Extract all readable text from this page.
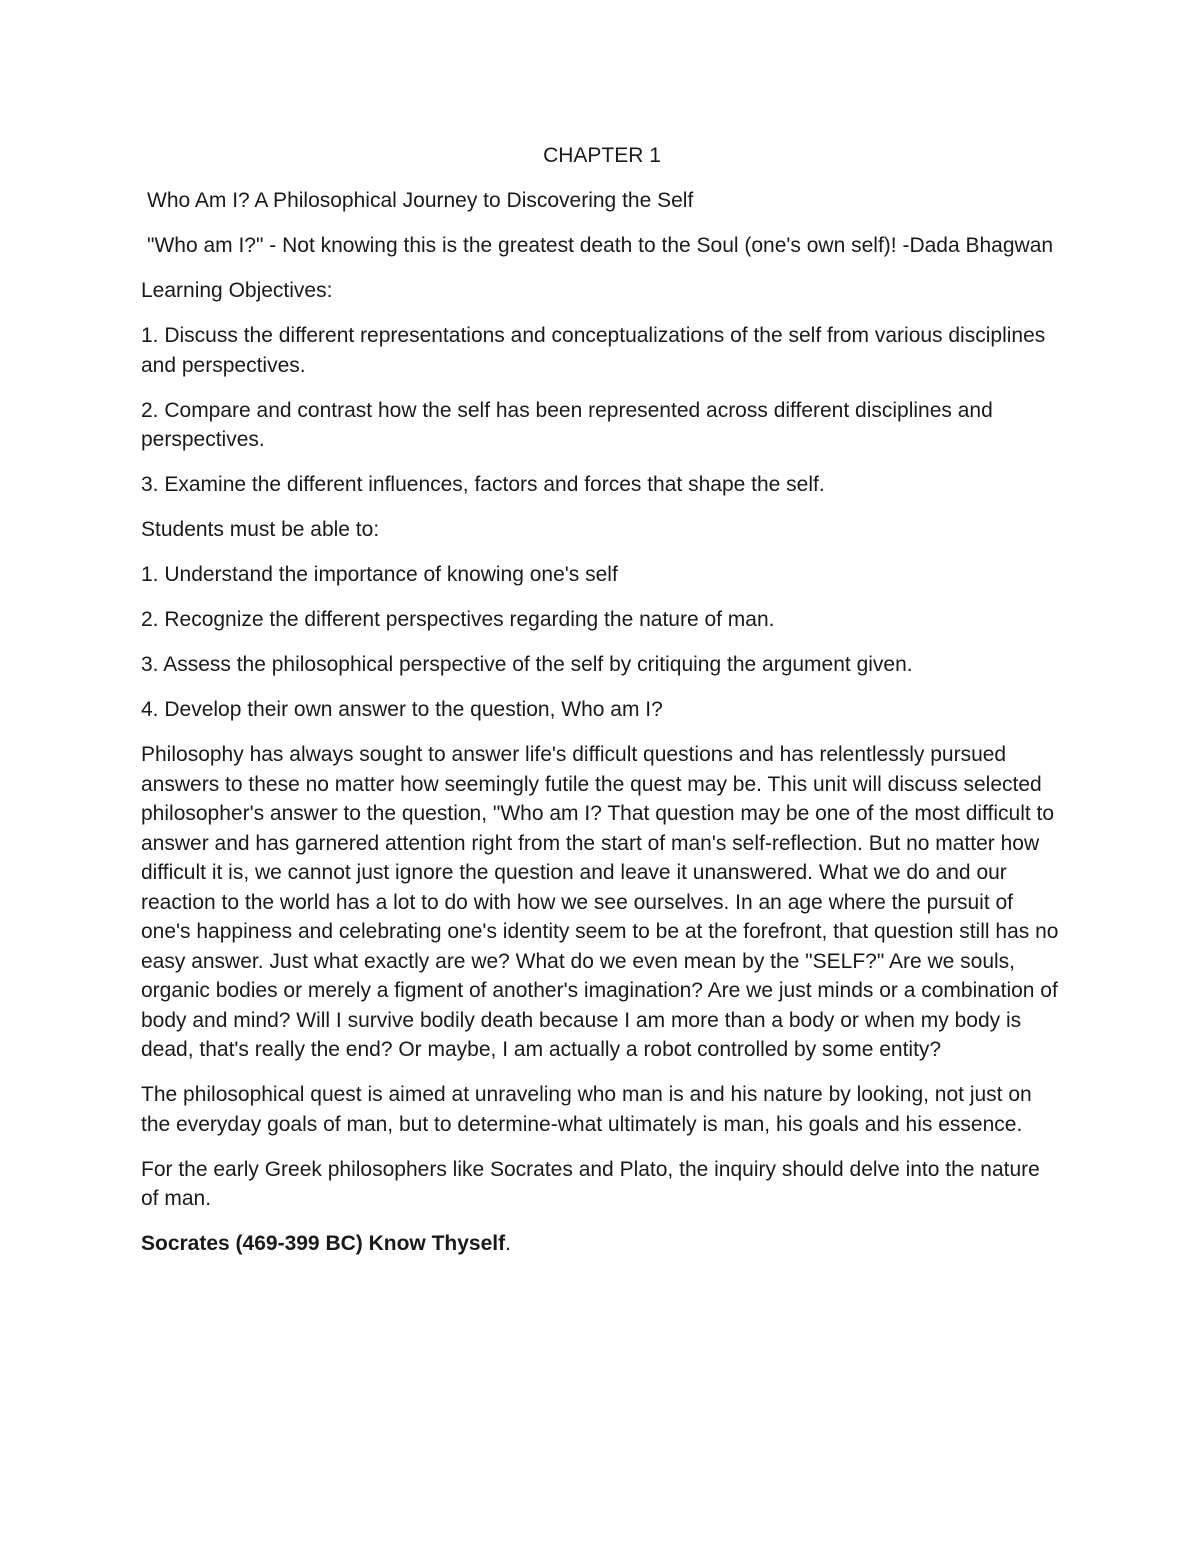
CHAPTER 1

Who Am I? A Philosophical Journey to Discovering the Self

"Who am I?" - Not knowing this is the greatest death to the Soul (one's own self)! -Dada Bhagwan

Learning Objectives:

1. Discuss the different representations and conceptualizations of the self from various disciplines and perspectives.

2. Compare and contrast how the self has been represented across different disciplines and perspectives.

3. Examine the different influences, factors and forces that shape the self.

Students must be able to:

1. Understand the importance of knowing one's self

2. Recognize the different perspectives regarding the nature of man.

3. Assess the philosophical perspective of the self by critiquing the argument given.

4. Develop their own answer to the question, Who am I?

Philosophy has always sought to answer life's difficult questions and has relentlessly pursued answers to these no matter how seemingly futile the quest may be. This unit will discuss selected philosopher's answer to the question, "Who am I? That question may be one of the most difficult to answer and has garnered attention right from the start of man's self-reflection. But no matter how difficult it is, we cannot just ignore the question and leave it unanswered. What we do and our reaction to the world has a lot to do with how we see ourselves. In an age where the pursuit of one's happiness and celebrating one's identity seem to be at the forefront, that question still has no easy answer. Just what exactly are we? What do we even mean by the "SELF?" Are we souls, organic bodies or merely a figment of another's imagination? Are we just minds or a combination of body and mind? Will I survive bodily death because I am more than a body or when my body is dead, that's really the end? Or maybe, I am actually a robot controlled by some entity?

The philosophical quest is aimed at unraveling who man is and his nature by looking, not just on the everyday goals of man, but to determine-what ultimately is man, his goals and his essence.

For the early Greek philosophers like Socrates and Plato, the inquiry should delve into the nature of man.

Socrates (469-399 BC) Know Thyself.
